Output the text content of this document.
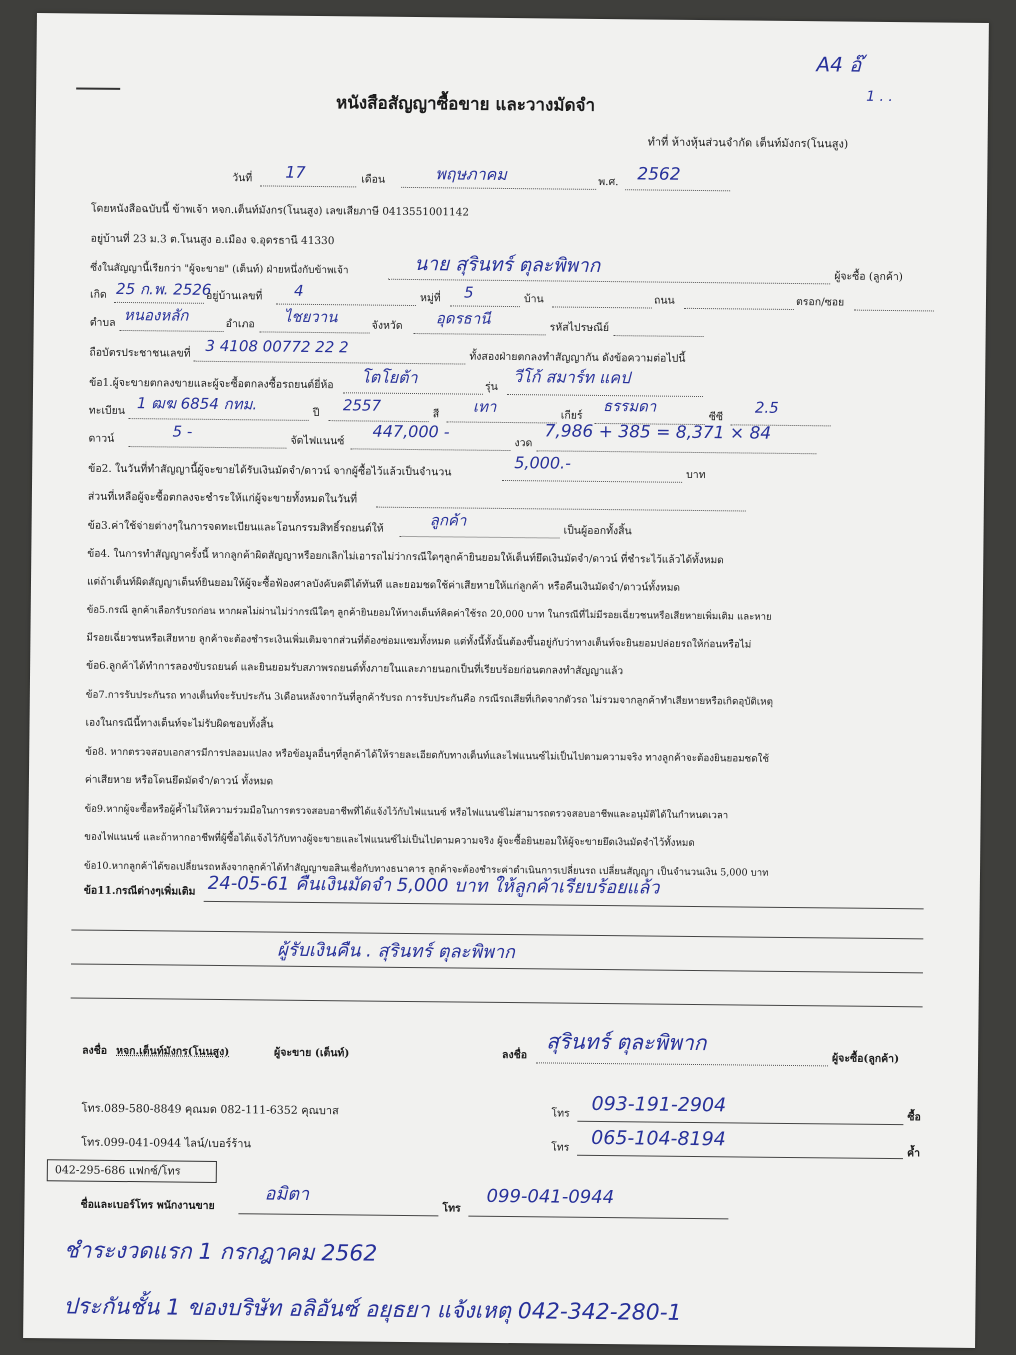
A4 อ๊
1 . .
หนังสือสัญญาซื้อขาย และวางมัดจำ
ทำที่ ห้างหุ้นส่วนจำกัด เต็นท์มังกร(โนนสูง)
วันที่ 17	เดือน	พฤษภาคม	พ.ศ. 2562
โดยหนังสือฉบับนี้ ข้าพเจ้า หจก.เต็นท์มังกร(โนนสูง) เลขเสียภาษี 0413551001142
อยู่บ้านที่ 23 ม.3 ต.โนนสูง อ.เมือง จ.อุดรธานี 41330
ซึ่งในสัญญานี้เรียกว่า "ผู้จะขาย" (เต็นท์) ฝ่ายหนึ่งกับข้าพเจ้า	นาย สุรินทร์ ตุละพิพาก	ผู้จะซื้อ (ลูกค้า)
เกิด 25 ก.พ. 2526
อยู่บ้านเลขที่ 4	หมู่ที่ 5	บ้าน	ถนน	ตรอก/ซอย
ตำบล หนองหลัก	อำเภอ ไชยวาน	จังหวัด อุดรธานี	รหัสไปรษณีย์
ถือบัตรประชาชนเลขที่ 3 4108 00772 22 2
ทั้งสองฝ่ายตกลงทำสัญญากัน ดังข้อความต่อไปนี้
ข้อ1.ผู้จะขายตกลงขายและผู้จะซื้อตกลงซื้อรถยนต์ยี่ห้อ โตโยต้า	รุ่น วีโก้ สมาร์ท แคป
ทะเบียน 1 ฒฆ 6854 กทม.	ปี 2557	สี เทา	เกียร์
ธรรมดา
ซีซี
2.5
ดาวน์	5 -
จัดไฟแนนซ์ 447,000 -
งวด 7,986 + 385 = 8,371 × 84
ข้อ2. ในวันที่ทำสัญญานี้ผู้จะขายได้รับเงินมัดจำ/ดาวน์ จากผู้ซื้อไว้แล้วเป็นจำนวน	5,000.-
บาท
ส่วนที่เหลือผู้จะซื้อตกลงจะชำระให้แก่ผู้จะขายทั้งหมดในวันที่
ข้อ3.ค่าใช้จ่ายต่างๆในการจดทะเบียนและโอนกรรมสิทธิ์รถยนต์ให้	ลูกค้า
เป็นผู้ออกทั้งสิ้น
ข้อ4. ในการทำสัญญาครั้งนี้ หากลูกค้าผิดสัญญาหรือยกเลิกไม่เอารถไม่ว่ากรณีใดๆลูกค้ายินยอมให้เต็นท์ยึดเงินมัดจำ/ดาวน์ ที่ชำระไว้แล้วได้ทั้งหมด
แต่ถ้าเต็นท์ผิดสัญญาเต็นท์ยินยอมให้ผู้จะซื้อฟ้องศาลบังคับคดีได้ทันที และยอมชดใช้ค่าเสียหายให้แก่ลูกค้า หรือคืนเงินมัดจำ/ดาวน์ทั้งหมด
ข้อ5.กรณี ลูกค้าเลือกรับรถก่อน หากผลไม่ผ่านไม่ว่ากรณีใดๆ ลูกค้ายินยอมให้ทางเต็นท์คิดค่าใช้รถ 20,000 บาท ในกรณีที่ไม่มีรอยเฉี่ยวชนหรือเสียหายเพิ่มเติม และหาย
มีรอยเฉี่ยวชนหรือเสียหาย ลูกค้าจะต้องชำระเงินเพิ่มเติมจากส่วนที่ต้องซ่อมแซมทั้งหมด แต่ทั้งนี้ทั้งนั้นต้องขึ้นอยู่กับว่าทางเต็นท์จะยินยอมปล่อยรถให้ก่อนหรือไม่
ข้อ6.ลูกค้าได้ทำการลองขับรถยนต์ และยินยอมรับสภาพรถยนต์ทั้งภายในและภายนอกเป็นที่เรียบร้อยก่อนตกลงทำสัญญาแล้ว
ข้อ7.การรับประกันรถ ทางเต็นท์จะรับประกัน 3เดือนหลังจากวันที่ลูกค้ารับรถ การรับประกันคือ กรณีรถเสียที่เกิดจากตัวรถ ไม่รวมจากลูกค้าทำเสียหายหรือเกิดอุบัติเหตุ
เองในกรณีนี้ทางเต็นท์จะไม่รับผิดชอบทั้งสิ้น
ข้อ8. หากตรวจสอบเอกสารมีการปลอมแปลง หรือข้อมูลอื่นๆที่ลูกค้าได้ให้รายละเอียดกับทางเต็นท์และไฟแนนซ์ไม่เป็นไปตามความจริง ทางลูกค้าจะต้องยินยอมชดใช้
ค่าเสียหาย หรือโดนยึดมัดจำ/ดาวน์ ทั้งหมด
ข้อ9.หากผู้จะซื้อหรือผู้ค้ำไม่ให้ความร่วมมือในการตรวจสอบอาชีพที่ได้แจ้งไว้กับไฟแนนซ์ หรือไฟแนนซ์ไม่สามารถตรวจสอบอาชีพและอนุมัติได้ในกำหนดเวลา
ของไฟแนนซ์ และถ้าหากอาชีพที่ผู้ซื้อได้แจ้งไว้กับทางผู้จะขายและไฟแนนซ์ไม่เป็นไปตามความจริง ผู้จะซื้อยินยอมให้ผู้จะขายยึดเงินมัดจำไว้ทั้งหมด
ข้อ10.หากลูกค้าได้ขอเปลี่ยนรถหลังจากลูกค้าได้ทำสัญญาขอสินเชื่อกับทางธนาคาร ลูกค้าจะต้องชำระค่าดำเนินการเปลี่ยนรถ เปลี่ยนสัญญา เป็นจำนวนเงิน 5,000 บาท
ข้อ11.กรณีต่างๆเพิ่มเติม 24-05-61 คืนเงินมัดจำ 5,000 บาท ให้ลูกค้าเรียบร้อยแล้ว
ผู้รับเงินคืน . สุรินทร์ ตุละพิพาก
ลงชื่อ หจก.เต็นท์มังกร(โนนสูง)	ผู้จะขาย (เต็นท์)	ลงชื่อ สุรินทร์ ตุละพิพาก
ผู้จะซื้อ(ลูกค้า)
โทร.089-580-8849 คุณมด 082-111-6352 คุณบาส	โทร 093-191-2904
ซื้อ
โทร.099-041-0944 ไลน์/เบอร์ร้าน	โทร 065-104-8194
ค้ำ
042-295-686 แฟกซ์/โทร
ชื่อและเบอร์โทร พนักงานขาย
อมิตา
โทร
099-041-0944
ชำระงวดแรก 1 กรกฎาคม 2562
ประกันชั้น 1 ของบริษัท อลิอันซ์ อยุธยา แจ้งเหตุ 042-342-280-1
